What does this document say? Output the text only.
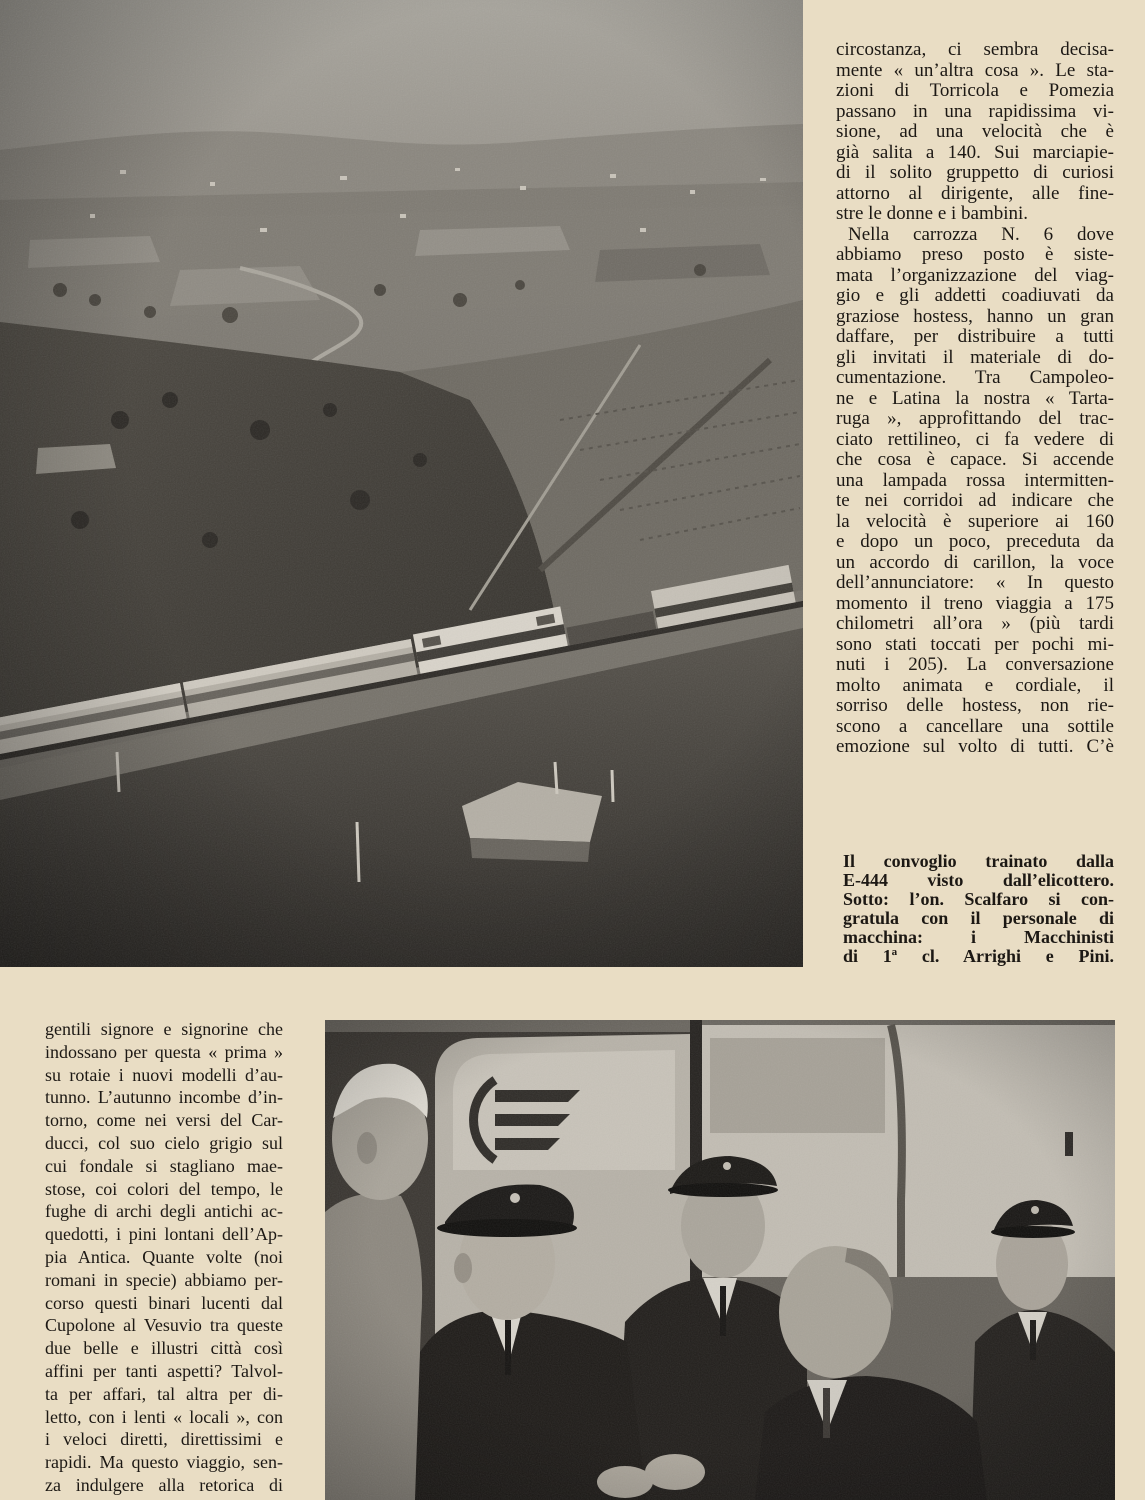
circostanza, ci sembra decisa-
mente « un’altra cosa ». Le sta-
zioni di Torricola e Pomezia
passano in una rapidissima vi-
sione, ad una velocità che è
già salita a 140. Sui marciapie-
di il solito gruppetto di curiosi
attorno al dirigente, alle fine-
stre le donne e i bambini.
Nella carrozza N. 6 dove
abbiamo preso posto è siste-
mata l’organizzazione del viag-
gio e gli addetti coadiuvati da
graziose hostess, hanno un gran
daffare, per distribuire a tutti
gli invitati il materiale di do-
cumentazione. Tra Campoleo-
ne e Latina la nostra « Tarta-
ruga », approfittando del trac-
ciato rettilineo, ci fa vedere di
che cosa è capace. Si accende
una lampada rossa intermitten-
te nei corridoi ad indicare che
la velocità è superiore ai 160
e dopo un poco, preceduta da
un accordo di carillon, la voce
dell’annunciatore: « In questo
momento il treno viaggia a 175
chilometri all’ora » (più tardi
sono stati toccati per pochi mi-
nuti i 205). La conversazione
molto animata e cordiale, il
sorriso delle hostess, non rie-
scono a cancellare una sottile
emozione sul volto di tutti. C’è
Il convoglio trainato dalla
E-444 visto dall’elicottero.
Sotto: l’on. Scalfaro si con-
gratula con il personale di
macchina: i Macchinisti
di 1ª cl. Arrighi e Pini.
gentili signore e signorine che
indossano per questa « prima »
su rotaie i nuovi modelli d’au-
tunno. L’autunno incombe d’in-
torno, come nei versi del Car-
ducci, col suo cielo grigio sul
cui fondale si stagliano mae-
stose, coi colori del tempo, le
fughe di archi degli antichi ac-
quedotti, i pini lontani dell’Ap-
pia Antica. Quante volte (noi
romani in specie) abbiamo per-
corso questi binari lucenti dal
Cupolone al Vesuvio tra queste
due belle e illustri città così
affini per tanti aspetti? Talvol-
ta per affari, tal altra per di-
letto, con i lenti « locali », con
i veloci diretti, direttissimi e
rapidi. Ma questo viaggio, sen-
za indulgere alla retorica di
